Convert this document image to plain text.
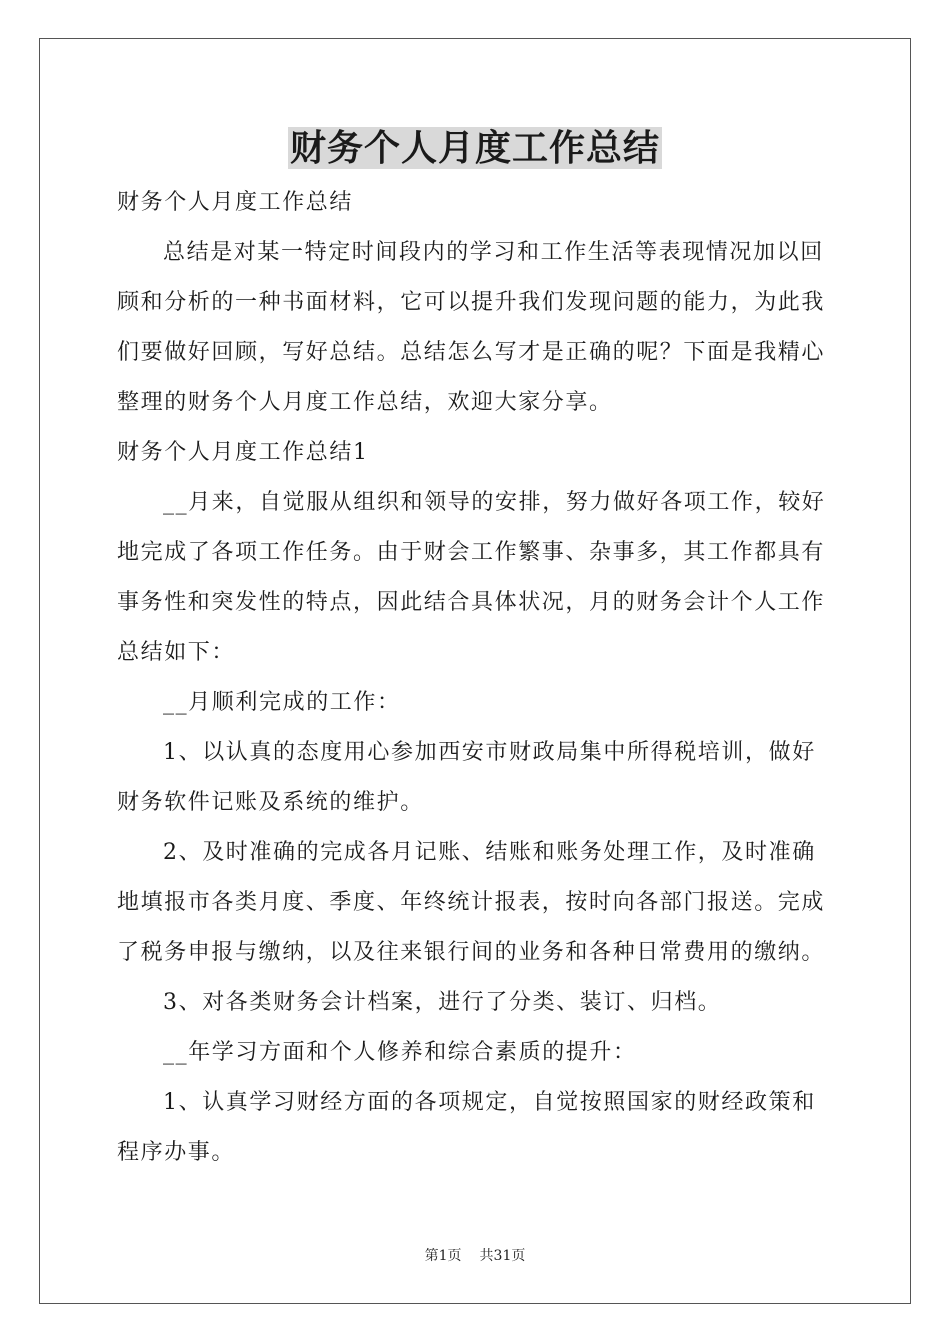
财务个人月度工作总结
财务个人月度工作总结
总结是对某一特定时间段内的学习和工作生活等表现情况加以回
顾和分析的一种书面材料，它可以提升我们发现问题的能力，为此我
们要做好回顾，写好总结。总结怎么写才是正确的呢？下面是我精心
整理的财务个人月度工作总结，欢迎大家分享。
财务个人月度工作总结1
__月来，自觉服从组织和领导的安排，努力做好各项工作，较好
地完成了各项工作任务。由于财会工作繁事、杂事多，其工作都具有
事务性和突发性的特点，因此结合具体状况，月的财务会计个人工作
总结如下：
__月顺利完成的工作：
1、以认真的态度用心参加西安市财政局集中所得税培训，做好
财务软件记账及系统的维护。
2、及时准确的完成各月记账、结账和账务处理工作，及时准确
地填报市各类月度、季度、年终统计报表，按时向各部门报送。完成
了税务申报与缴纳，以及往来银行间的业务和各种日常费用的缴纳。
3、对各类财务会计档案，进行了分类、装订、归档。
__年学习方面和个人修养和综合素质的提升：
1、认真学习财经方面的各项规定，自觉按照国家的财经政策和
程序办事。
第1页 共31页
